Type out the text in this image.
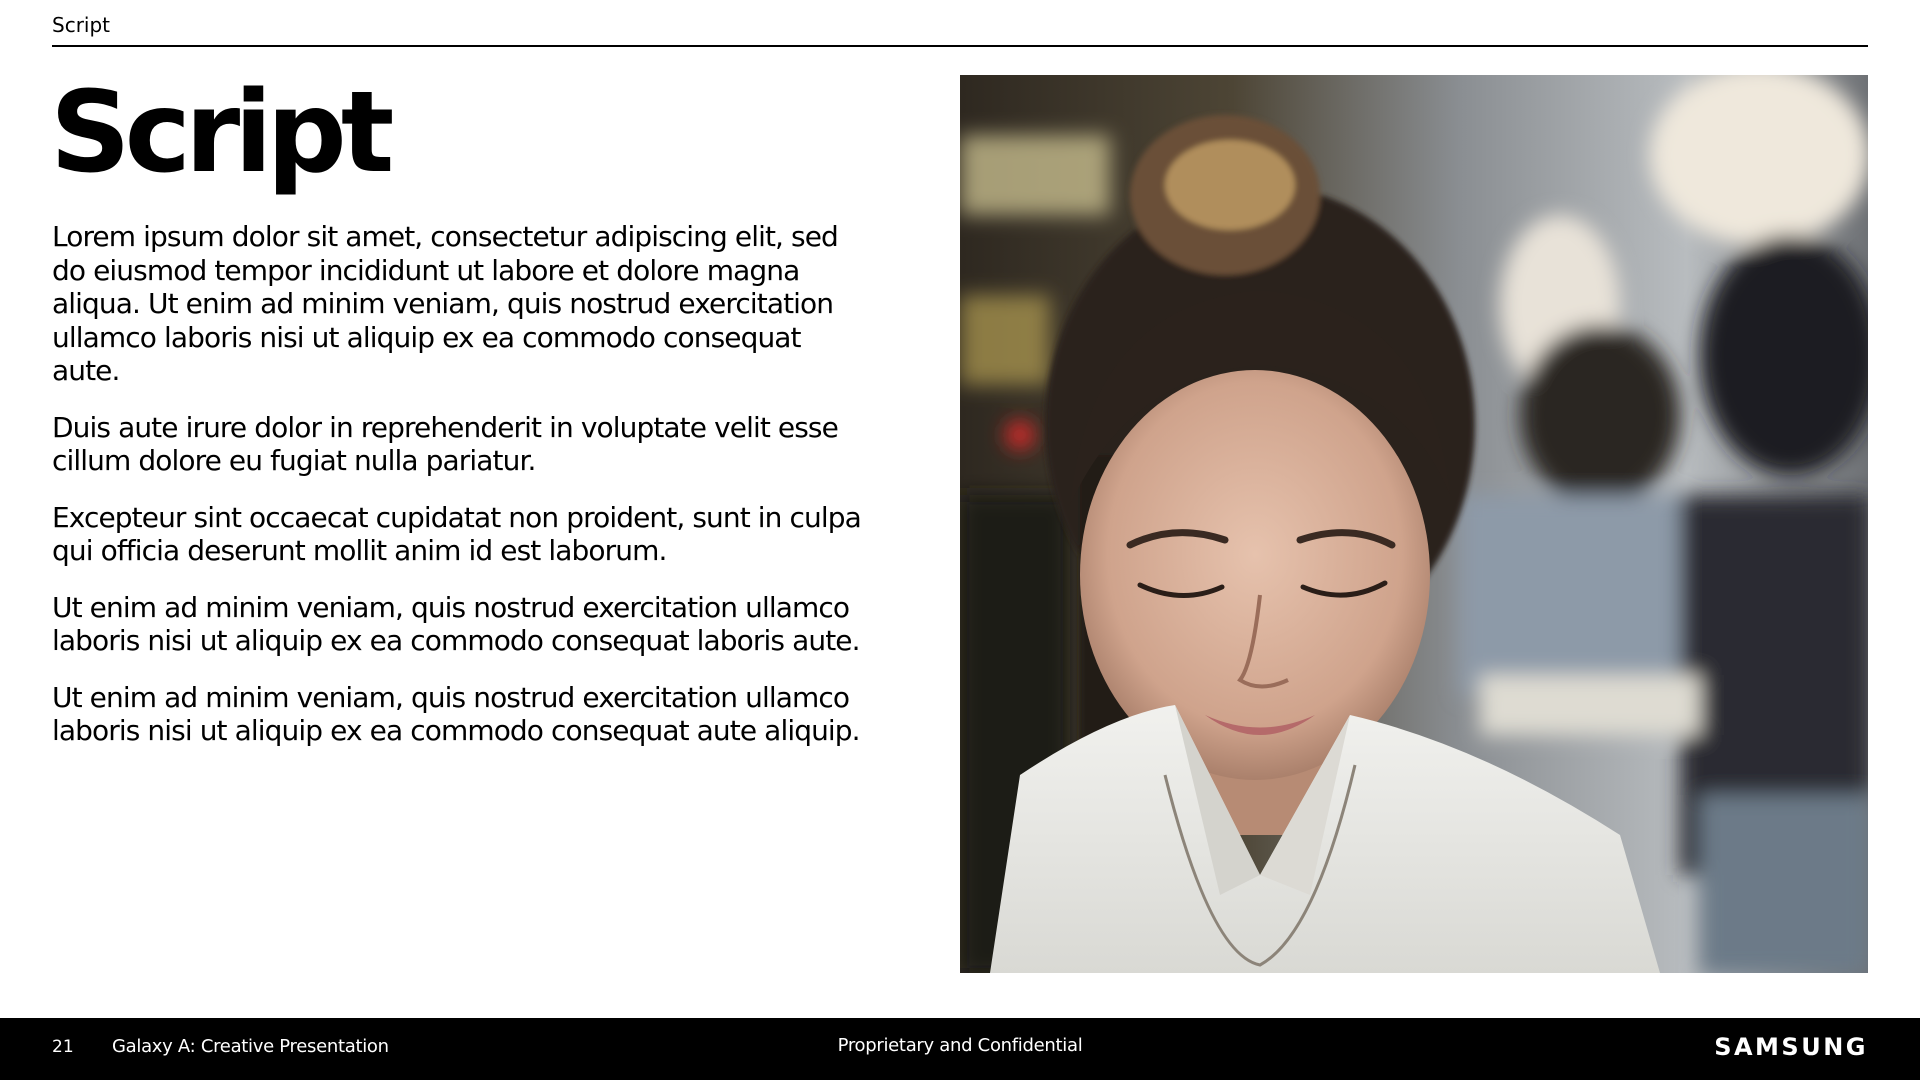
Script
Script

Lorem ipsum dolor sit amet, consectetur adipiscing elit, sed do eiusmod tempor incididunt ut labore et dolore magna aliqua. Ut enim ad minim veniam, quis nostrud exercitation ullamco laboris nisi ut aliquip ex ea commodo consequat aute.

Duis aute irure dolor in reprehenderit in voluptate velit esse cillum dolore eu fugiat nulla pariatur.

Excepteur sint occaecat cupidatat non proident, sunt in culpa qui officia deserunt mollit anim id est laborum.

Ut enim ad minim veniam, quis nostrud exercitation ullamco laboris nisi ut aliquip ex ea commodo consequat laboris aute.

Ut enim ad minim veniam, quis nostrud exercitation ullamco laboris nisi ut aliquip ex ea commodo consequat aute aliquip.

21 Galaxy A: Creative Presentation	Proprietary and Confidential	SAMSUNG
